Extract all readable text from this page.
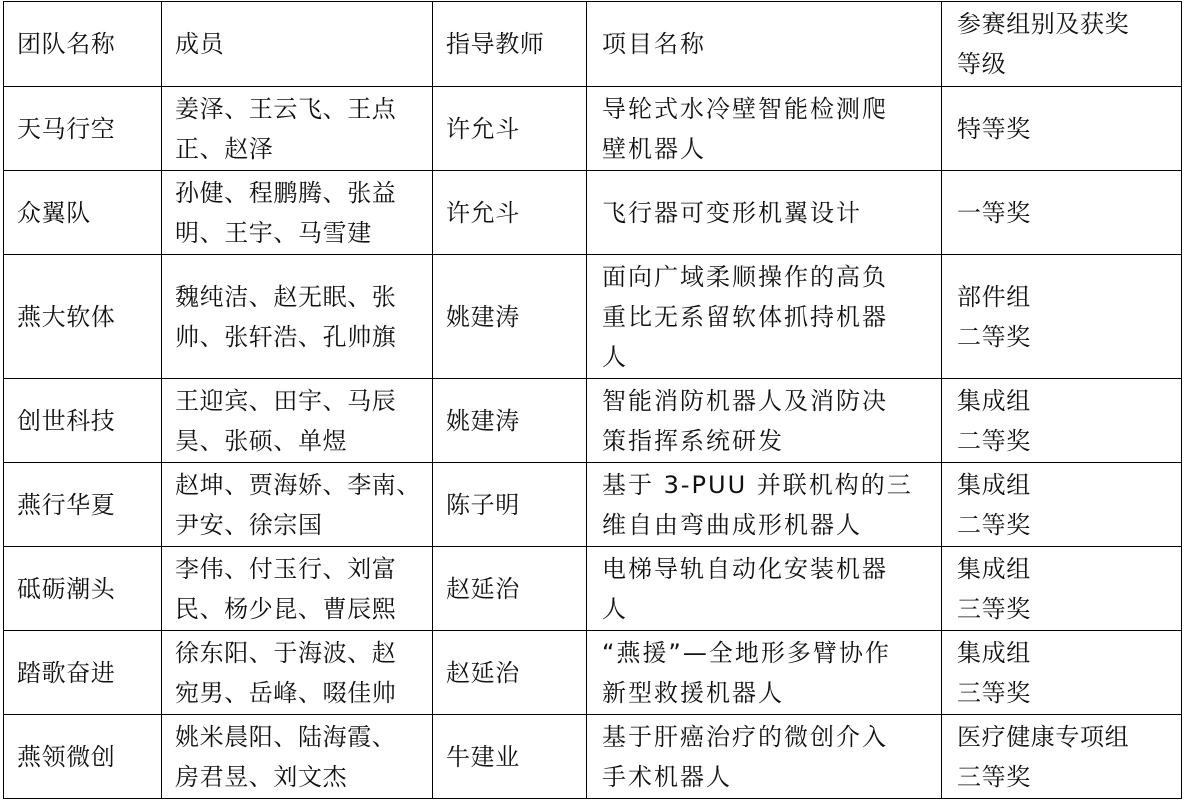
团队名称	成员	指导教师	项目名称	参赛组别及获奖
等级

天马行空	姜泽、王云飞、王点
正、赵泽	许允斗	导轮式水冷壁智能检测爬
壁机器人	特等奖

众翼队	孙健、程鹏腾、张益
明、王宇、马雪建	许允斗	飞行器可变形机翼设计	一等奖

燕大软体	魏纯洁、赵无眠、张
帅、张轩浩、孔帅旗	姚建涛	面向广域柔顺操作的高负
重比无系留软体抓持机器
人	部件组
二等奖

创世科技	王迎宾、田宇、马辰
昊、张硕、单煜	姚建涛	智能消防机器人及消防决
策指挥系统研发	集成组
二等奖

燕行华夏	赵坤、贾海娇、李南、
尹安、徐宗国	陈子明	基于 3-PUU 并联机构的三
维自由弯曲成形机器人	集成组
二等奖

砥砺潮头	李伟、付玉行、刘富
民、杨少昆、曹辰熙	赵延治	电梯导轨自动化安装机器
人	集成组
三等奖

踏歌奋进	徐东阳、于海波、赵
宛男、岳峰、啜佳帅	赵延治	“燕援”—全地形多臂协作
新型救援机器人	集成组
三等奖

燕领微创	姚米晨阳、陆海霞、
房君昱、刘文杰	牛建业	基于肝癌治疗的微创介入
手术机器人	医疗健康专项组
三等奖
